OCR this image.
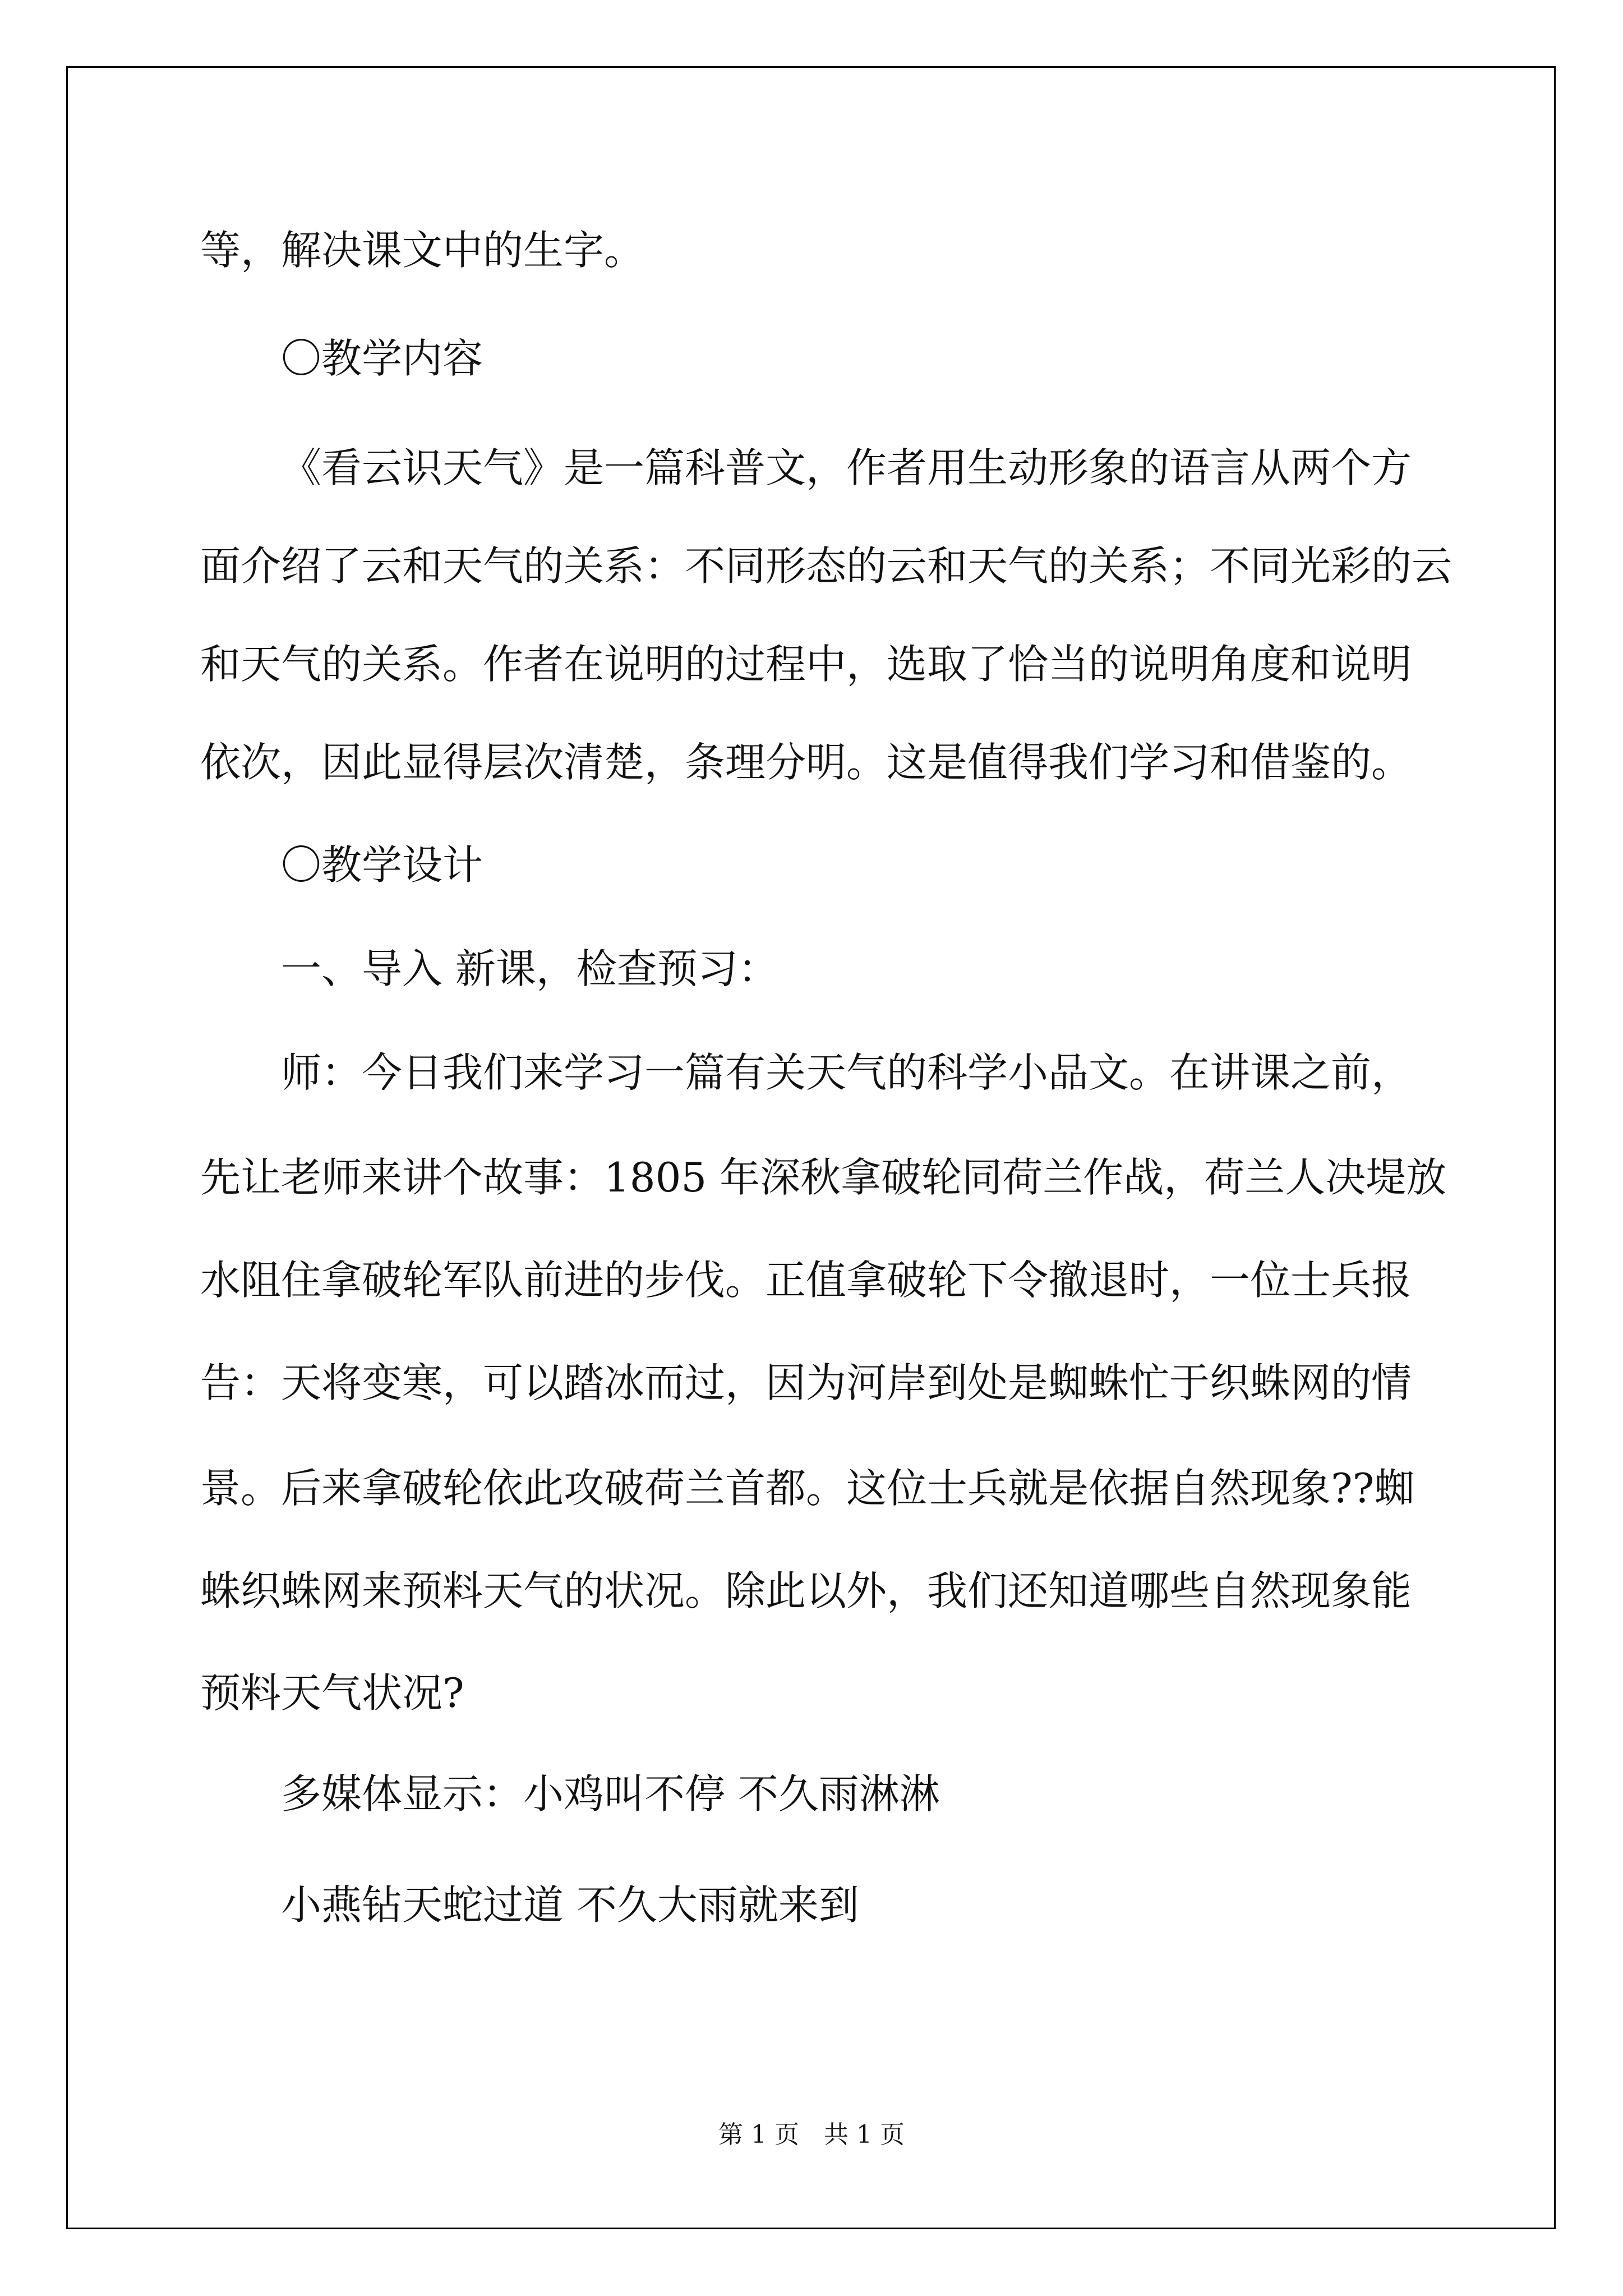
等，解决课文中的生字。
〇教学内容
《看云识天气》是一篇科普文，作者用生动形象的语言从两个方
面介绍了云和天气的关系：不同形态的云和天气的关系；不同光彩的云
和天气的关系。作者在说明的过程中，选取了恰当的说明角度和说明
依次，因此显得层次清楚，条理分明。这是值得我们学习和借鉴的。
〇教学设计
一、导入 新课，检查预习：
师：今日我们来学习一篇有关天气的科学小品文。在讲课之前，
先让老师来讲个故事：1805 年深秋拿破轮同荷兰作战，荷兰人决堤放
水阻住拿破轮军队前进的步伐。正值拿破轮下令撤退时，一位士兵报
告：天将变寒，可以踏冰而过，因为河岸到处是蜘蛛忙于织蛛网的情
景。后来拿破轮依此攻破荷兰首都。这位士兵就是依据自然现象??蜘
蛛织蛛网来预料天气的状况。除此以外，我们还知道哪些自然现象能
预料天气状况?
多媒体显示：小鸡叫不停 不久雨淋淋
小燕钻天蛇过道 不久大雨就来到
第 1 页　共 1 页
